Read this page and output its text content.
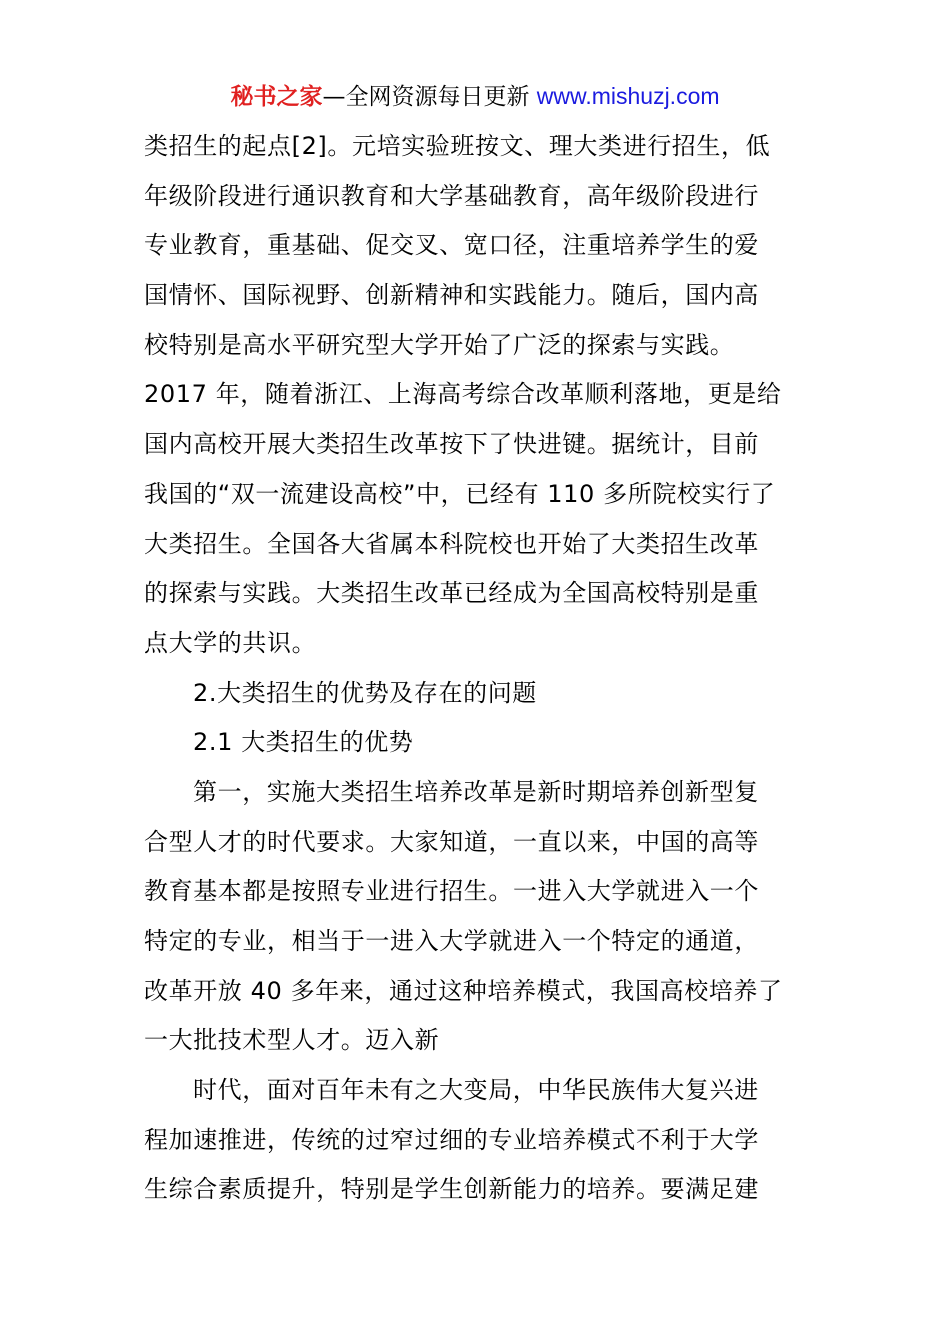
秘书之家—全网资源每日更新 www.mishuzj.com
类招生的起点[2]。元培实验班按文、理大类进行招生，低
年级阶段进行通识教育和大学基础教育，高年级阶段进行
专业教育，重基础、促交叉、宽口径，注重培养学生的爱
国情怀、国际视野、创新精神和实践能力。随后，国内高
校特别是高水平研究型大学开始了广泛的探索与实践。
2017 年，随着浙江、上海高考综合改革顺利落地，更是给
国内高校开展大类招生改革按下了快进键。据统计，目前
我国的“双一流建设高校”中，已经有 110 多所院校实行了
大类招生。全国各大省属本科院校也开始了大类招生改革
的探索与实践。大类招生改革已经成为全国高校特别是重
点大学的共识。
2.大类招生的优势及存在的问题
2.1 大类招生的优势
第一，实施大类招生培养改革是新时期培养创新型复
合型人才的时代要求。大家知道，一直以来，中国的高等
教育基本都是按照专业进行招生。一进入大学就进入一个
特定的专业，相当于一进入大学就进入一个特定的通道，
改革开放 40 多年来，通过这种培养模式，我国高校培养了
一大批技术型人才。迈入新
时代，面对百年未有之大变局，中华民族伟大复兴进
程加速推进，传统的过窄过细的专业培养模式不利于大学
生综合素质提升，特别是学生创新能力的培养。要满足建
